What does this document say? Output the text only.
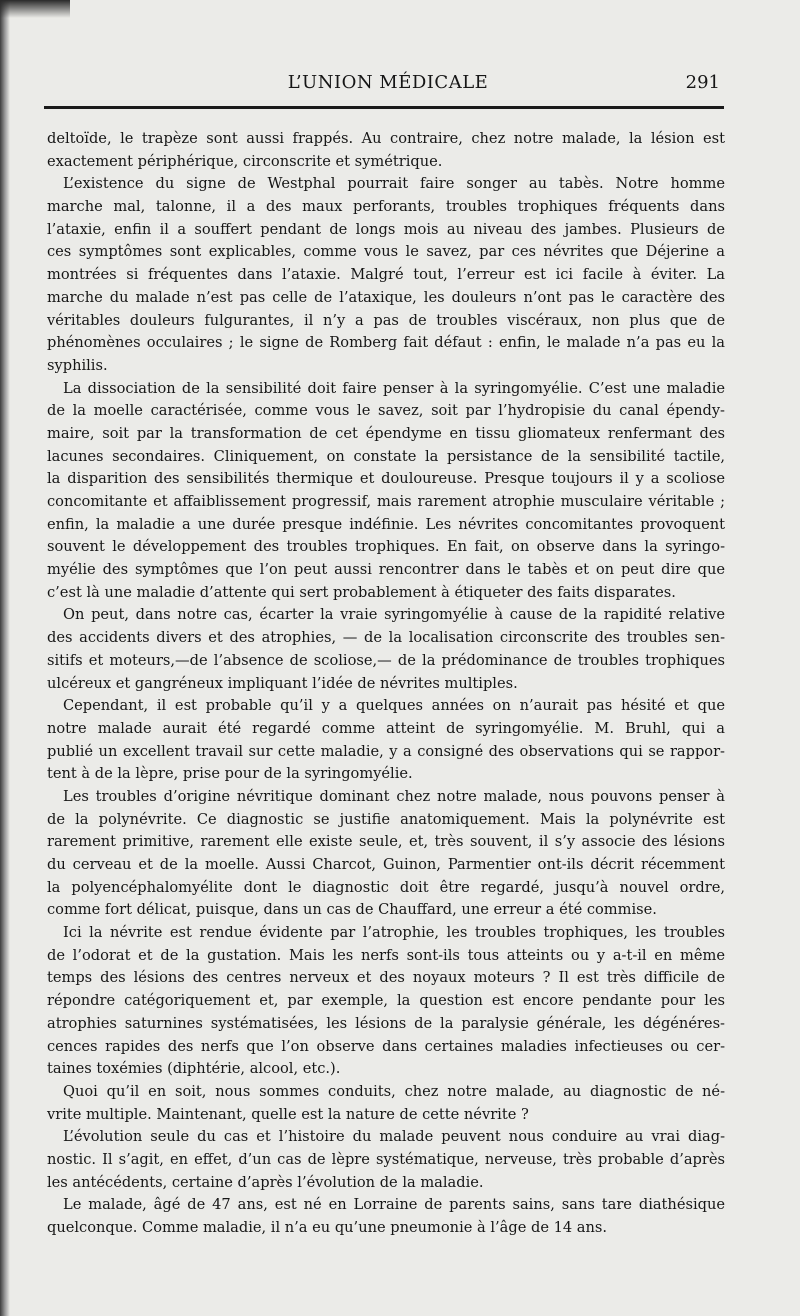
L’UNION MÉDICALE	291
deltoïde, le trapèze sont aussi frappés. Au contraire, chez notre malade, la lésion est
exactement périphérique, circonscrite et symétrique.
L’existence du signe de Westphal pourrait faire songer au tabès. Notre homme
marche mal, talonne, il a des maux perforants, troubles trophiques fréquents dans
l’ataxie, enfin il a souffert pendant de longs mois au niveau des jambes. Plusieurs de
ces symptômes sont explicables, comme vous le savez, par ces névrites que Déjerine a
montrées si fréquentes dans l’ataxie. Malgré tout, l’erreur est ici facile à éviter. La
marche du malade n’est pas celle de l’ataxique, les douleurs n’ont pas le caractère des
véritables douleurs fulgurantes, il n’y a pas de troubles viscéraux, non plus que de
phénomènes occulaires ; le signe de Romberg fait défaut : enfin, le malade n’a pas eu la
syphilis.
La dissociation de la sensibilité doit faire penser à la syringomyélie. C’est une maladie
de la moelle caractérisée, comme vous le savez, soit par l’hydropisie du canal épendy-
maire, soit par la transformation de cet épendyme en tissu gliomateux renfermant des
lacunes secondaires. Cliniquement, on constate la persistance de la sensibilité tactile,
la disparition des sensibilités thermique et douloureuse. Presque toujours il y a scoliose
concomitante et affaiblissement progressif, mais rarement atrophie musculaire véritable ;
enfin, la maladie a une durée presque indéfinie. Les névrites concomitantes provoquent
souvent le développement des troubles trophiques. En fait, on observe dans la syringo-
myélie des symptômes que l’on peut aussi rencontrer dans le tabès et on peut dire que
c’est là une maladie d’attente qui sert probablement à étiqueter des faits disparates.
On peut, dans notre cas, écarter la vraie syringomyélie à cause de la rapidité relative
des accidents divers et des atrophies, — de la localisation circonscrite des troubles sen-
sitifs et moteurs,—de l’absence de scoliose,— de la prédominance de troubles trophiques
ulcéreux et gangréneux impliquant l’idée de névrites multiples.
Cependant, il est probable qu’il y a quelques années on n’aurait pas hésité et que
notre malade aurait été regardé comme atteint de syringomyélie. M. Bruhl, qui a
publié un excellent travail sur cette maladie, y a consigné des observations qui se rappor-
tent à de la lèpre, prise pour de la syringomyélie.
Les troubles d’origine névritique dominant chez notre malade, nous pouvons penser à
de la polynévrite. Ce diagnostic se justifie anatomiquement. Mais la polynévrite est
rarement primitive, rarement elle existe seule, et, très souvent, il s’y associe des lésions
du cerveau et de la moelle. Aussi Charcot, Guinon, Parmentier ont-ils décrit récemment
la polyencéphalomyélite dont le diagnostic doit être regardé, jusqu’à nouvel ordre,
comme fort délicat, puisque, dans un cas de Chauffard, une erreur a été commise.
Ici la névrite est rendue évidente par l’atrophie, les troubles trophiques, les troubles
de l’odorat et de la gustation. Mais les nerfs sont-ils tous atteints ou y a-t-il en même
temps des lésions des centres nerveux et des noyaux moteurs ? Il est très difficile de
répondre catégoriquement et, par exemple, la question est encore pendante pour les
atrophies saturnines systématisées, les lésions de la paralysie générale, les dégénéres-
cences rapides des nerfs que l’on observe dans certaines maladies infectieuses ou cer-
taines toxémies (diphtérie, alcool, etc.).
Quoi qu’il en soit, nous sommes conduits, chez notre malade, au diagnostic de né-
vrite multiple. Maintenant, quelle est la nature de cette névrite ?
L’évolution seule du cas et l’histoire du malade peuvent nous conduire au vrai diag-
nostic. Il s’agit, en effet, d’un cas de lèpre systématique, nerveuse, très probable d’après
les antécédents, certaine d’après l’évolution de la maladie.
Le malade, âgé de 47 ans, est né en Lorraine de parents sains, sans tare diathésique
quelconque. Comme maladie, il n’a eu qu’une pneumonie à l’âge de 14 ans.
